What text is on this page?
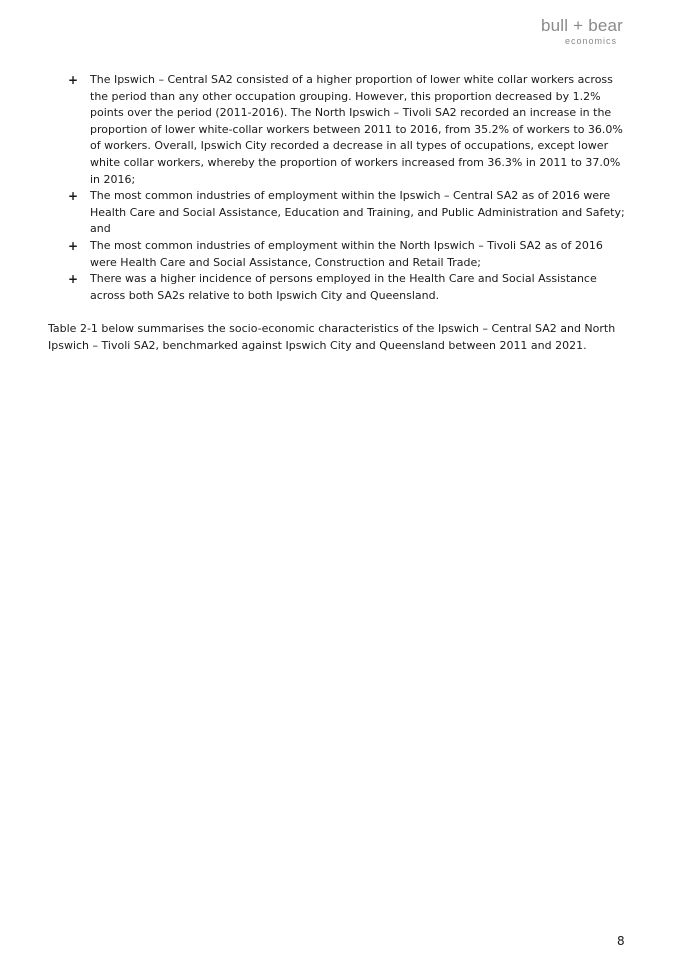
bull + bear
economics
+ The Ipswich – Central SA2 consisted of a higher proportion of lower white collar workers across the period than any other occupation grouping. However, this proportion decreased by 1.2% points over the period (2011-2016). The North Ipswich – Tivoli SA2 recorded an increase in the proportion of lower white-collar workers between 2011 to 2016, from 35.2% of workers to 36.0% of workers. Overall, Ipswich City recorded a decrease in all types of occupations, except lower white collar workers, whereby the proportion of workers increased from 36.3% in 2011 to 37.0% in 2016;
+ The most common industries of employment within the Ipswich – Central SA2 as of 2016 were Health Care and Social Assistance, Education and Training, and Public Administration and Safety; and
+ The most common industries of employment within the North Ipswich – Tivoli SA2 as of 2016 were Health Care and Social Assistance, Construction and Retail Trade;
+ There was a higher incidence of persons employed in the Health Care and Social Assistance across both SA2s relative to both Ipswich City and Queensland.

Table 2-1 below summarises the socio-economic characteristics of the Ipswich – Central SA2 and North Ipswich – Tivoli SA2, benchmarked against Ipswich City and Queensland between 2011 and 2021.

8
